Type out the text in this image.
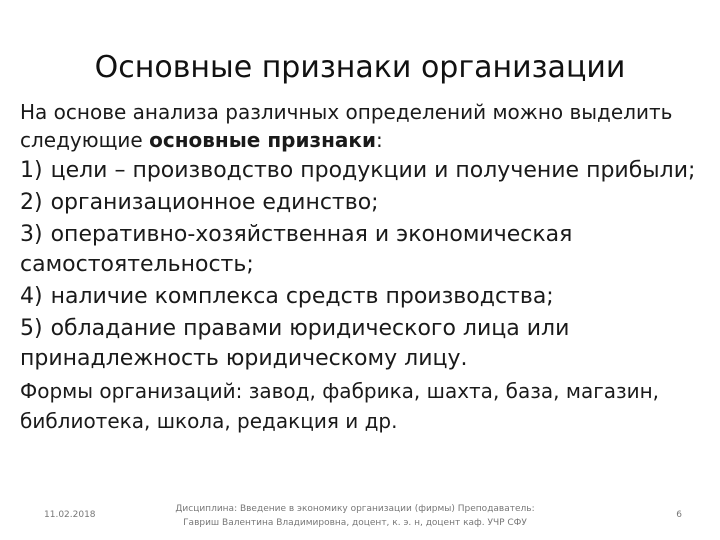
Основные признаки организации

На основе анализа различных определений можно выделить следующие основные признаки:

1) цели – производство продукции и получение прибыли;
2) организационное единство;
3) оперативно-хозяйственная и экономическая самостоятельность;
4) наличие комплекса средств производства;
5) обладание правами юридического лица или принадлежность юридическому лицу.

Формы организаций: завод, фабрика, шахта, база, магазин, библиотека, школа, редакция и др.

11.02.2018
Дисциплина: Введение в экономику организации (фирмы) Преподаватель:
Гавриш Валентина Владимировна, доцент, к. э. н, доцент каф. УЧР СФУ
6
